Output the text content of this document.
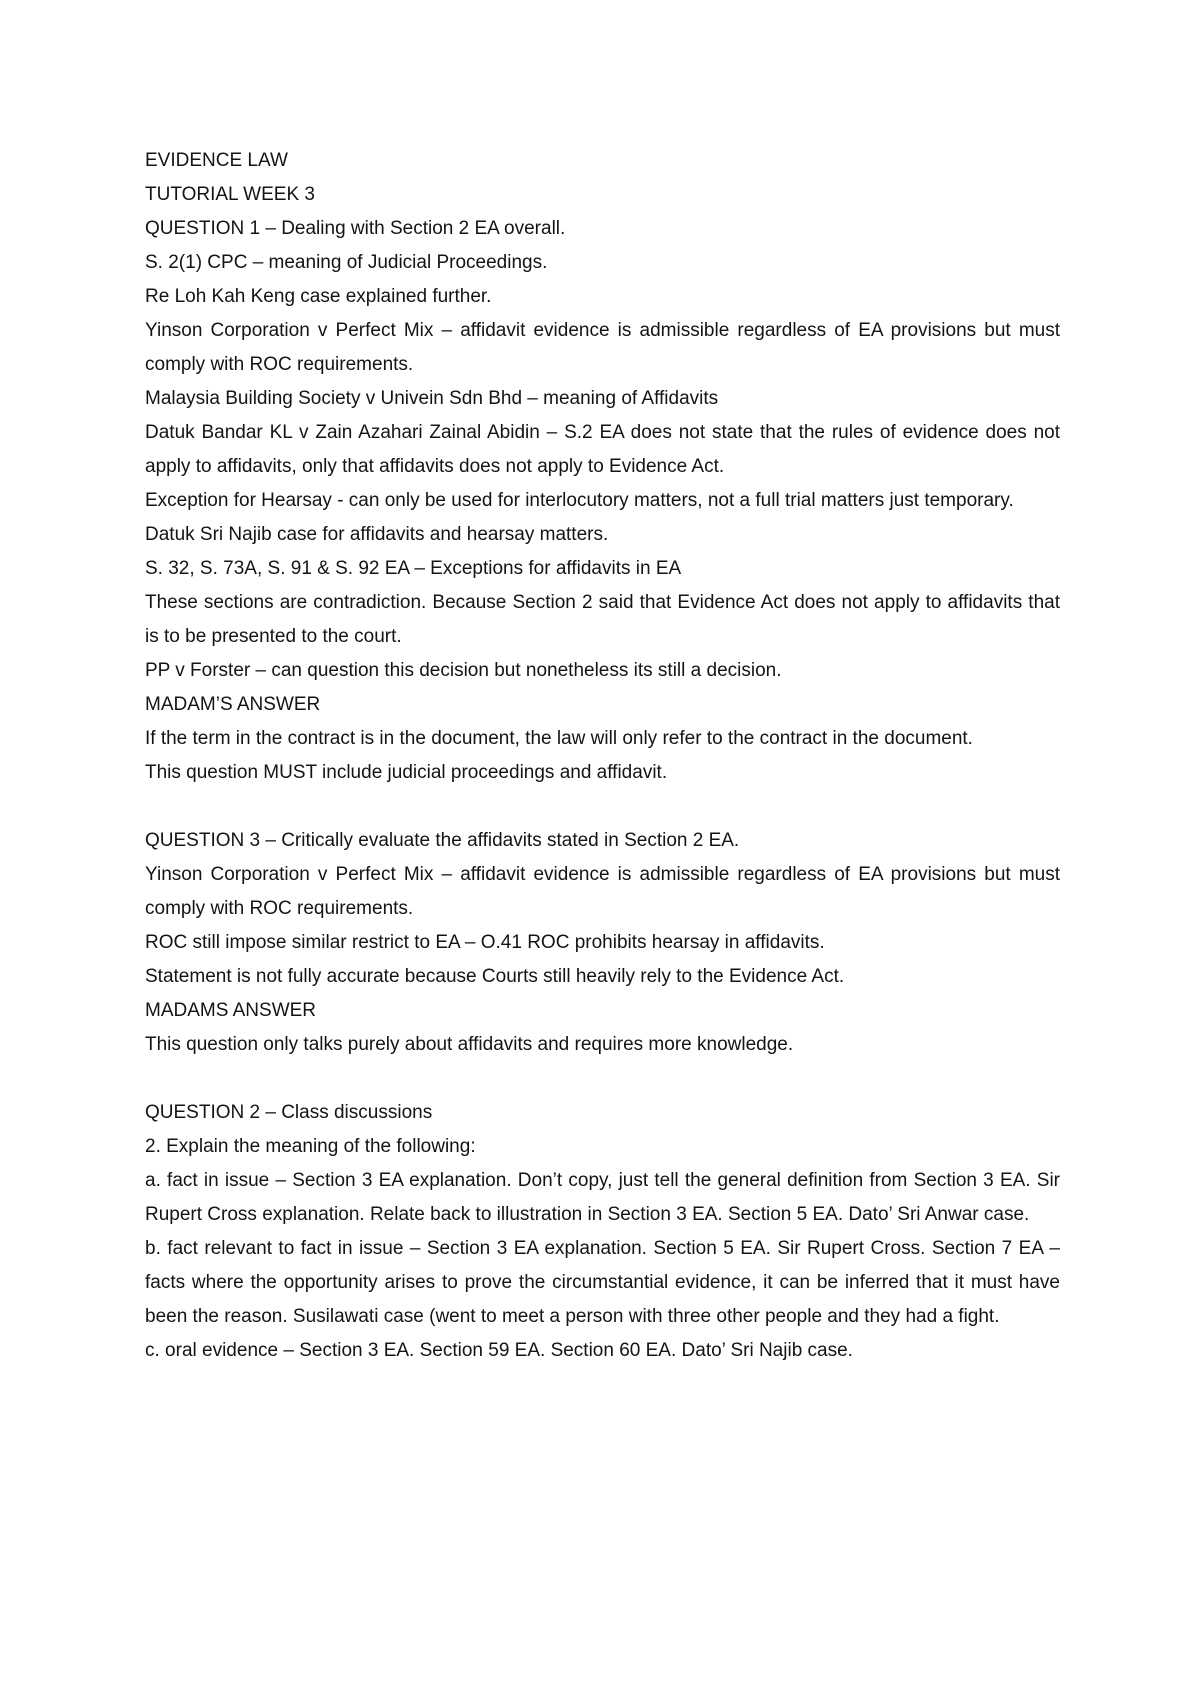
EVIDENCE LAW

TUTORIAL WEEK 3

QUESTION 1 – Dealing with Section 2 EA overall.

S. 2(1) CPC – meaning of Judicial Proceedings.

Re Loh Kah Keng case explained further.

Yinson Corporation v Perfect Mix – affidavit evidence is admissible regardless of EA provisions but must comply with ROC requirements.

Malaysia Building Society v Univein Sdn Bhd – meaning of Affidavits

Datuk Bandar KL v Zain Azahari Zainal Abidin – S.2 EA does not state that the rules of evidence does not apply to affidavits, only that affidavits does not apply to Evidence Act.

Exception for Hearsay - can only be used for interlocutory matters, not a full trial matters just temporary.

Datuk Sri Najib case for affidavits and hearsay matters.

S. 32, S. 73A, S. 91 & S. 92 EA – Exceptions for affidavits in EA

These sections are contradiction. Because Section 2 said that Evidence Act does not apply to affidavits that is to be presented to the court.

PP v Forster – can question this decision but nonetheless its still a decision.

MADAM’S ANSWER

If the term in the contract is in the document, the law will only refer to the contract in the document.

This question MUST include judicial proceedings and affidavit.

QUESTION 3 – Critically evaluate the affidavits stated in Section 2 EA.

Yinson Corporation v Perfect Mix – affidavit evidence is admissible regardless of EA provisions but must comply with ROC requirements.

ROC still impose similar restrict to EA – O.41 ROC prohibits hearsay in affidavits.

Statement is not fully accurate because Courts still heavily rely to the Evidence Act.

MADAMS ANSWER

This question only talks purely about affidavits and requires more knowledge.

QUESTION 2 – Class discussions

2. Explain the meaning of the following:

a. fact in issue – Section 3 EA explanation. Don’t copy, just tell the general definition from Section 3 EA. Sir Rupert Cross explanation. Relate back to illustration in Section 3 EA. Section 5 EA. Dato’ Sri Anwar case.

b. fact relevant to fact in issue – Section 3 EA explanation. Section 5 EA. Sir Rupert Cross. Section 7 EA – facts where the opportunity arises to prove the circumstantial evidence, it can be inferred that it must have been the reason. Susilawati case (went to meet a person with three other people and they had a fight.

c. oral evidence – Section 3 EA. Section 59 EA. Section 60 EA. Dato’ Sri Najib case.
